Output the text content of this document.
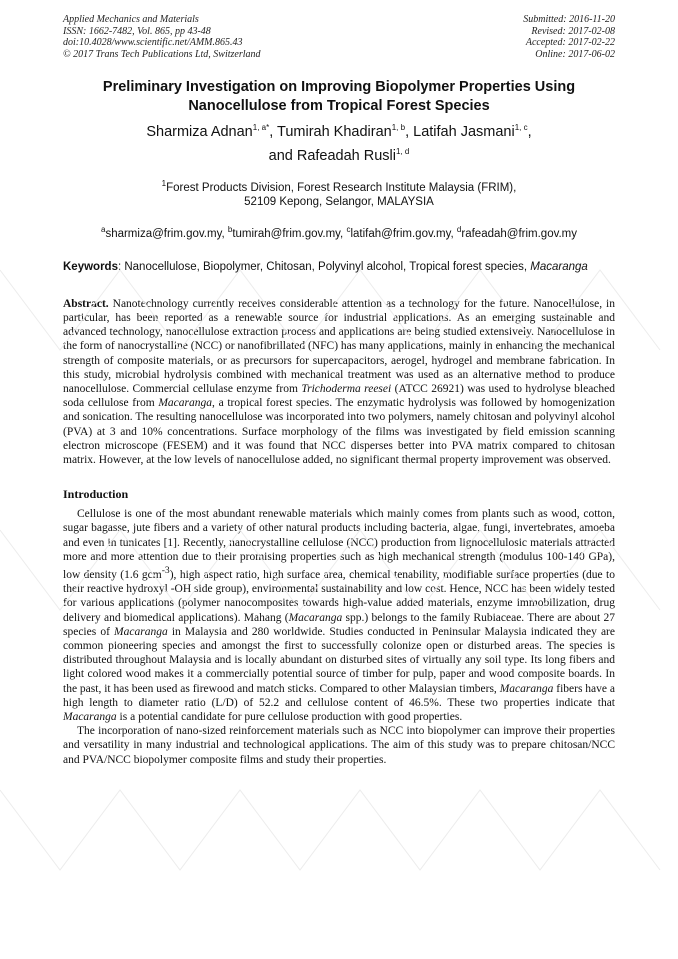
Applied Mechanics and Materials
ISSN: 1662-7482, Vol. 865, pp 43-48
doi:10.4028/www.scientific.net/AMM.865.43
© 2017 Trans Tech Publications Ltd, Switzerland
Submitted: 2016-11-20
Revised: 2017-02-08
Accepted: 2017-02-22
Online: 2017-06-02
Preliminary Investigation on Improving Biopolymer Properties Using
Nanocellulose from Tropical Forest Species
Sharmiza Adnan$^{1, a*}$, Tumirah Khadiran$^{1, b}$, Latifah Jasmani$^{1, c}$,
and Rafeadah Rusli$^{1, d}$
$^1$Forest Products Division, Forest Research Institute Malaysia (FRIM),
52109 Kepong, Selangor, MALAYSIA
$^a$sharmiza@frim.gov.my, $^b$tumirah@frim.gov.my, $^c$latifah@frim.gov.my, $^d$rafeadah@frim.gov.my
Keywords: Nanocellulose, Biopolymer, Chitosan, Polyvinyl alcohol, Tropical forest species, Macaranga
Abstract. Nanotechnology currently receives considerable attention as a technology for the future. Nanocellulose, in particular, has been reported as a renewable source for industrial applications. As an emerging sustainable and advanced technology, nanocellulose extraction process and applications are being studied extensively. Nanocellulose in the form of nanocrystalline (NCC) or nanofibrillated (NFC) has many applications, mainly in enhancing the mechanical strength of composite materials, or as precursors for supercapacitors, aerogel, hydrogel and membrane fabrication. In this study, microbial hydrolysis combined with mechanical treatment was used as an alternative method to produce nanocellulose. Commercial cellulase enzyme from Trichoderma reesei (ATCC 26921) was used to hydrolyse bleached soda cellulose from Macaranga, a tropical forest species. The enzymatic hydrolysis was followed by homogenization and sonication. The resulting nanocellulose was incorporated into two polymers, namely chitosan and polyvinyl alcohol (PVA) at 3 and 10% concentrations. Surface morphology of the films was investigated by field emission scanning electron microscope (FESEM) and it was found that NCC disperses better into PVA matrix compared to chitosan matrix. However, at the low levels of nanocellulose added, no significant thermal property improvement was observed.
Introduction

Cellulose is one of the most abundant renewable materials which mainly comes from plants such as wood, cotton, sugar bagasse, jute fibers and a variety of other natural products including bacteria, algae, fungi, invertebrates, amoeba and even in tunicates [1]. Recently, nanocrystalline cellulose (NCC) production from lignocellulosic materials attracted more and more attention due to their promising properties such as high mechanical strength (modulus 100-140 GPa), low density (1.6 gcm$^{-3}$), high aspect ratio, high surface area, chemical tenability, modifiable surface properties (due to their reactive hydroxyl -OH side group), environmental sustainability and low cost. Hence, NCC has been widely tested for various applications (polymer nanocomposites towards high-value added materials, enzyme immobilization, drug delivery and biomedical applications). Mahang (Macaranga spp.) belongs to the family Rubiaceae. There are about 27 species of Macaranga in Malaysia and 280 worldwide. Studies conducted in Peninsular Malaysia indicated they are common pioneering species and amongst the first to successfully colonize open or disturbed areas. The species is distributed throughout Malaysia and is locally abundant on disturbed sites of virtually any soil type. Its long fibers and light colored wood makes it a commercially potential source of timber for pulp, paper and wood composite boards. In the past, it has been used as firewood and match sticks. Compared to other Malaysian timbers, Macaranga fibers have a high length to diameter ratio (L/D) of 52.2 and cellulose content of 46.5%. These two properties indicate that Macaranga is a potential candidate for pure cellulose production with good properties.

The incorporation of nano-sized reinforcement materials such as NCC into biopolymer can improve their properties and versatility in many industrial and technological applications. The aim of this study was to prepare chitosan/NCC and PVA/NCC biopolymer composite films and study their properties.
